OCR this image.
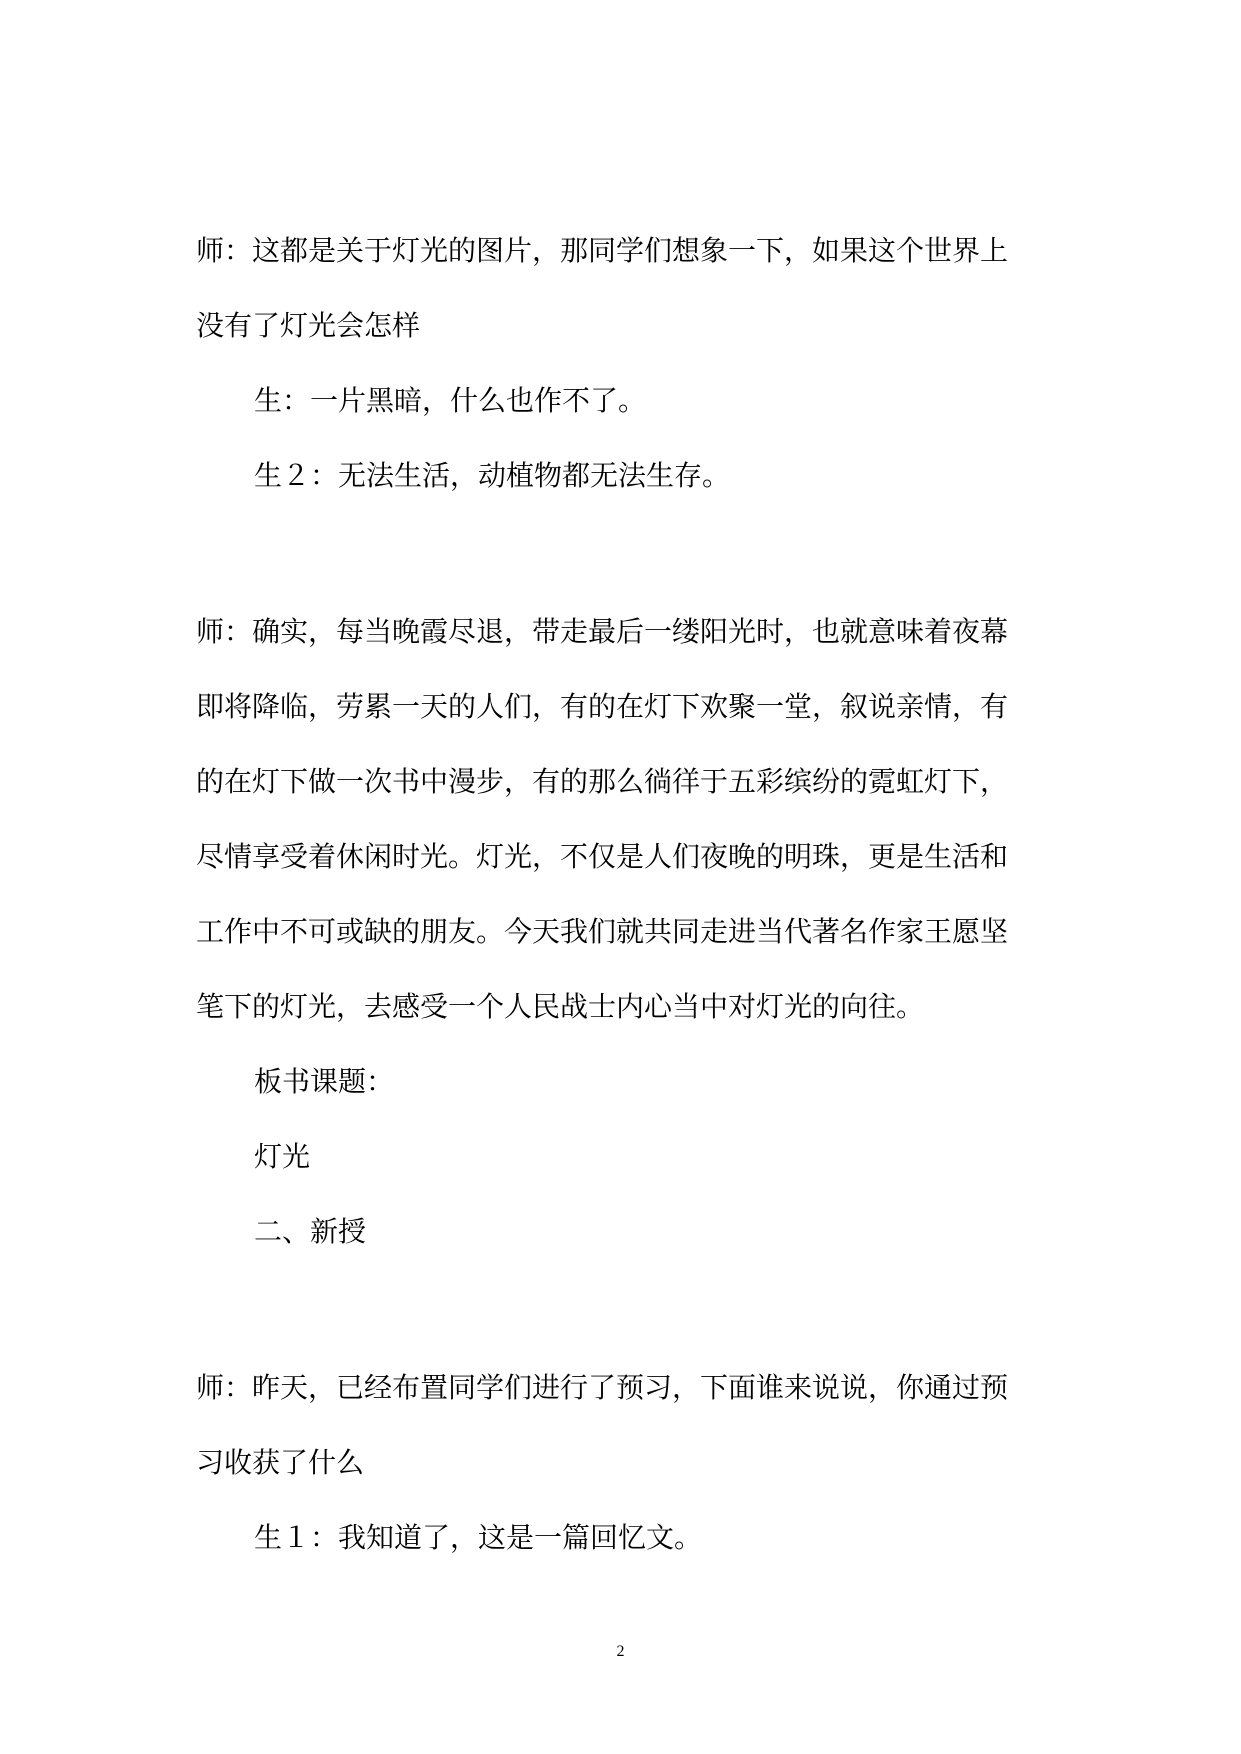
师：这都是关于灯光的图片，那同学们想象一下，如果这个世界上
没有了灯光会怎样
生：一片黑暗，什么也作不了。
生２：无法生活，动植物都无法生存。
师：确实，每当晚霞尽退，带走最后一缕阳光时，也就意味着夜幕
即将降临，劳累一天的人们，有的在灯下欢聚一堂，叙说亲情，有
的在灯下做一次书中漫步，有的那么徜徉于五彩缤纷的霓虹灯下，
尽情享受着休闲时光。灯光，不仅是人们夜晚的明珠，更是生活和
工作中不可或缺的朋友。今天我们就共同走进当代著名作家王愿坚
笔下的灯光，去感受一个人民战士内心当中对灯光的向往。
板书课题：
灯光
二、新授
师：昨天，已经布置同学们进行了预习，下面谁来说说，你通过预
习收获了什么
生１：我知道了，这是一篇回忆文。
2
